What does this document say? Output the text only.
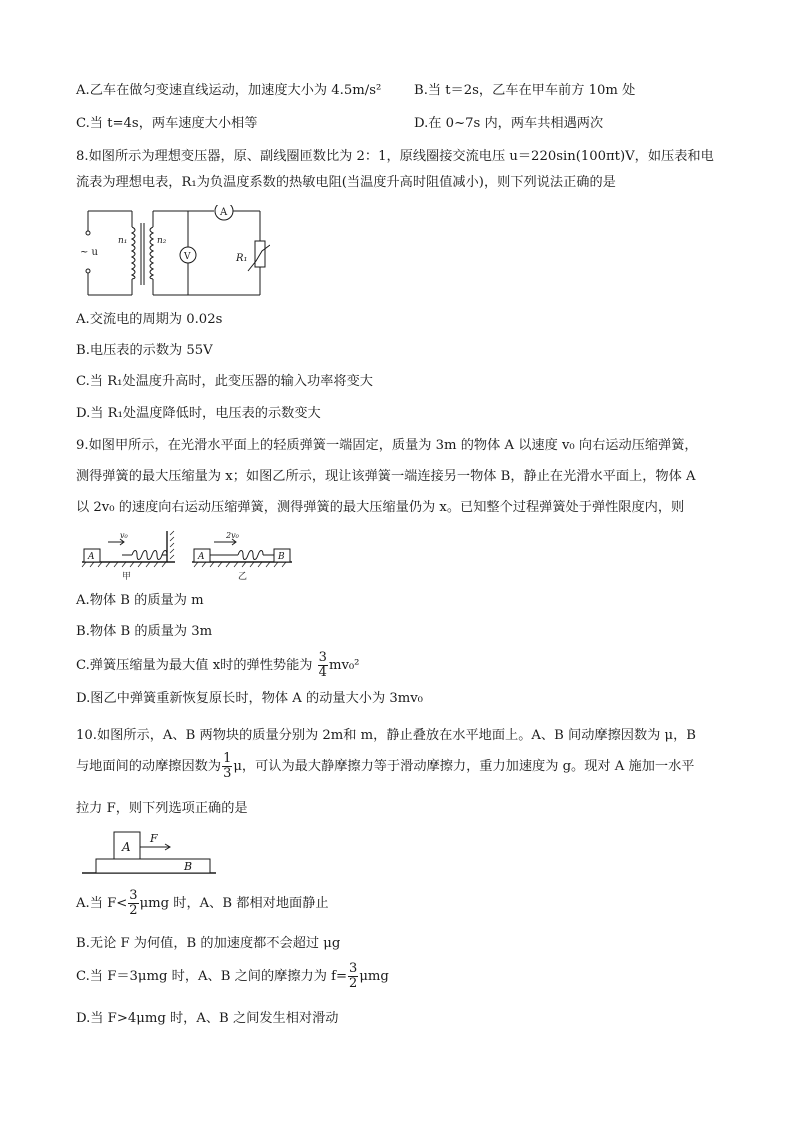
A.乙车在做匀变速直线运动，加速度大小为 4.5m/s² B.当 t＝2s，乙车在甲车前方 10m 处
C.当 t=4s，两车速度大小相等	D.在 0~7s 内，两车共相遇两次
8.如图所示为理想变压器，原、副线圈匝数比为 2：1，原线圈接交流电压 u＝220sin(100πt)V，如压表和电
流表为理想电表，R₁为负温度系数的热敏电阻(当温度升高时阻值减小)，则下列说法正确的是
~ u
n₁	n₂
A
V	R₁
A.交流电的周期为 0.02s
B.电压表的示数为 55V
C.当 R₁处温度升高时，此变压器的输入功率将变大
D.当 R₁处温度降低时，电压表的示数变大
9.如图甲所示，在光滑水平面上的轻质弹簧一端固定，质量为 3m 的物体 A 以速度 v₀ 向右运动压缩弹簧，
测得弹簧的最大压缩量为 x；如图乙所示，现让该弹簧一端连接另一物体 B，静止在光滑水平面上，物体 A
以 2v₀ 的速度向右运动压缩弹簧，测得弹簧的最大压缩量仍为 x。已知整个过程弹簧处于弹性限度内，则
A
v₀
甲
A
2v₀
B
乙
A.物体 B 的质量为 m
B.物体 B 的质量为 3m
C.弹簧压缩量为最大值 x时的弹性势能为 $\frac{3}{4} mv_0^2$
D.图乙中弹簧重新恢复原长时，物体 A 的动量大小为 3mv₀
10.如图所示，A、B 两物块的质量分别为 2m和 m，静止叠放在水平地面上。A、B 间动摩擦因数为 μ，B
与地面间的动摩擦因数为 $\frac{1}{3}$ μ，可认为最大静摩擦力等于滑动摩擦力，重力加速度为 g。现对 A 施加一水平
拉力 F，则下列选项正确的是
A
F
B
A.当 $F< \frac{3}{2}$ μmg 时，A、B 都相对地面静止
B.无论 F 为何值，B 的加速度都不会超过 μg
C.当 F＝3μmg 时，A、B 之间的摩擦力为 $f= \frac{3}{2}$ μmg
D.当 F>4μmg 时，A、B 之间发生相对滑动
